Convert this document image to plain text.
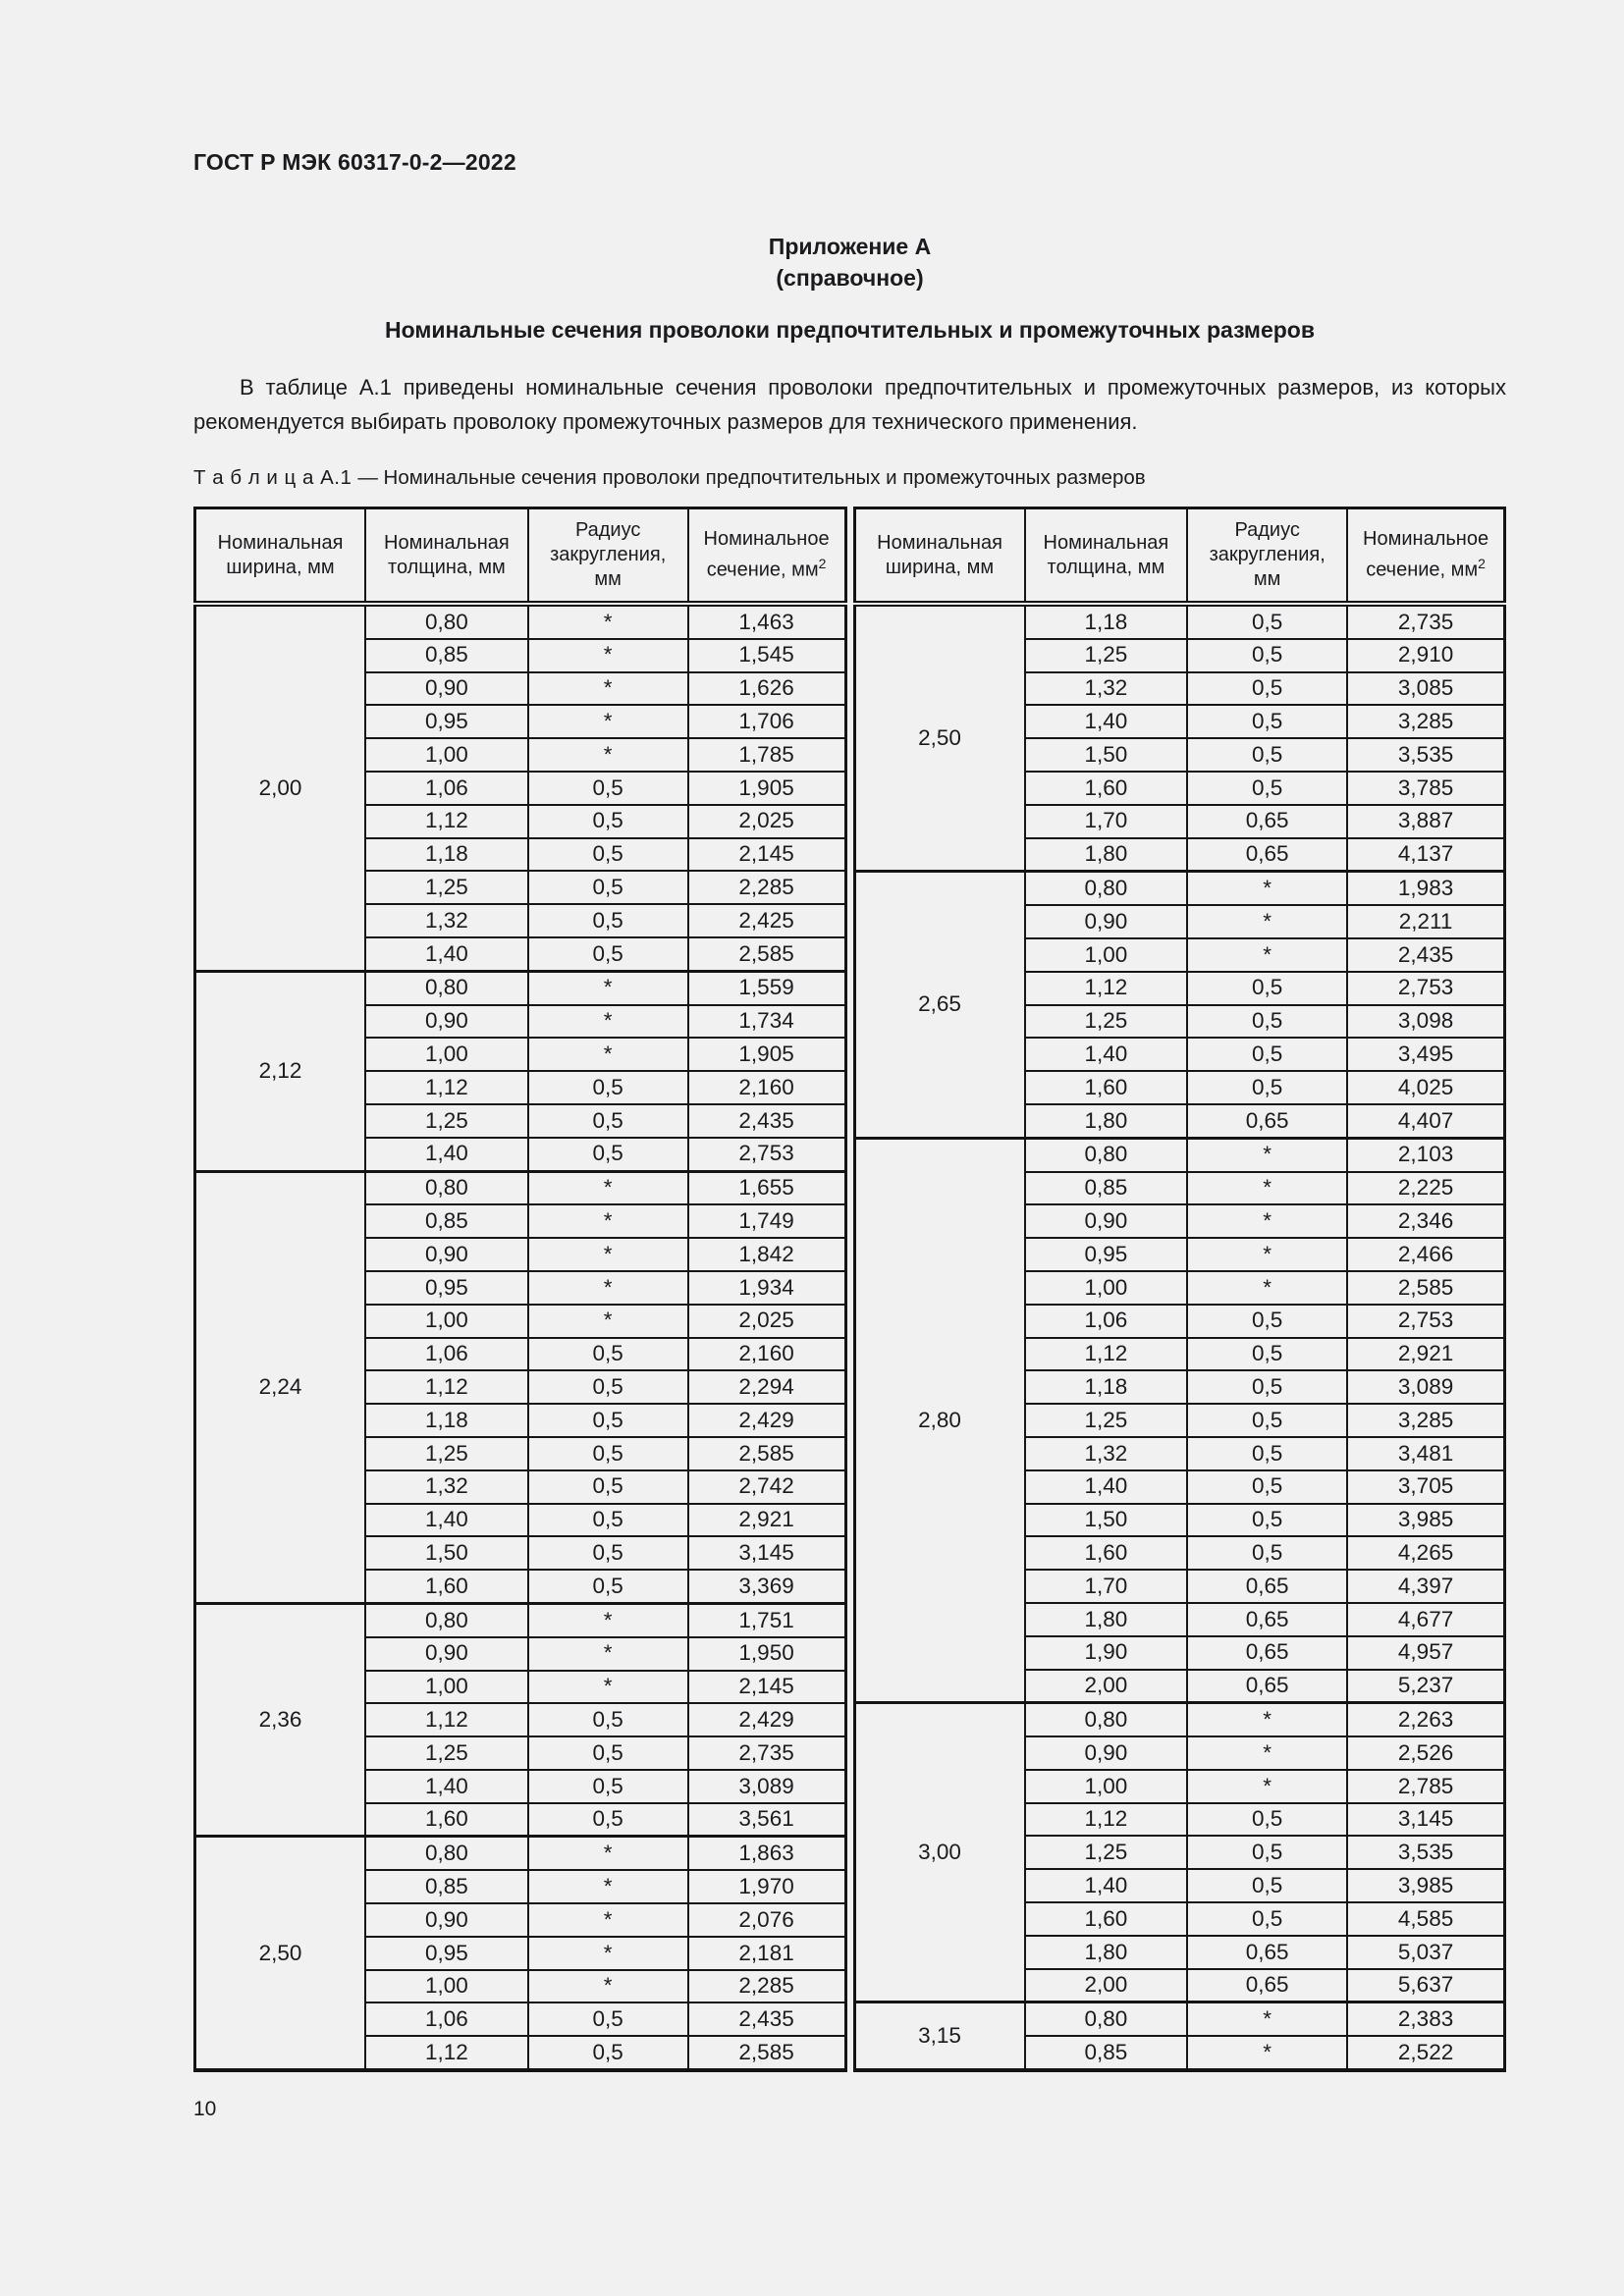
ГОСТ Р МЭК 60317-0-2—2022
Приложение А
(справочное)
Номинальные сечения проволоки предпочтительных и промежуточных размеров

В таблице А.1 приведены номинальные сечения проволоки предпочтительных и промежуточных размеров, из которых рекомендуется выбирать проволоку промежуточных размеров для технического применения.

Т а б л и ц а А.1 — Номинальные сечения проволоки предпочтительных и промежуточных размеров

Номинальная ширина, мм	Номинальная толщина, мм	Радиус закругления, мм	Номинальное сечение, $мм^2$
2,00	0,80	*	1,463
	0,85	*	1,545
	0,90	*	1,626
	0,95	*	1,706
	1,00	*	1,785
	1,06	0,5	1,905
	1,12	0,5	2,025
	1,18	0,5	2,145
	1,25	0,5	2,285
	1,32	0,5	2,425
	1,40	0,5	2,585
2,12	0,80	*	1,559
	0,90	*	1,734
	1,00	*	1,905
	1,12	0,5	2,160
	1,25	0,5	2,435
	1,40	0,5	2,753
2,24	0,80	*	1,655
	0,85	*	1,749
	0,90	*	1,842
	0,95	*	1,934
	1,00	*	2,025
	1,06	0,5	2,160
	1,12	0,5	2,294
	1,18	0,5	2,429
	1,25	0,5	2,585
	1,32	0,5	2,742
	1,40	0,5	2,921
	1,50	0,5	3,145
	1,60	0,5	3,369
2,36	0,80	*	1,751
	0,90	*	1,950
	1,00	*	2,145
	1,12	0,5	2,429
	1,25	0,5	2,735
	1,40	0,5	3,089
	1,60	0,5	3,561
2,50	0,80	*	1,863
	0,85	*	1,970
	0,90	*	2,076
	0,95	*	2,181
	1,00	*	2,285
	1,06	0,5	2,435
	1,12	0,5	2,585
Номинальная ширина, мм	Номинальная толщина, мм	Радиус закругления, мм	Номинальное сечение, $мм^2$
2,50	1,18	0,5	2,735
	1,25	0,5	2,910
	1,32	0,5	3,085
	1,40	0,5	3,285
	1,50	0,5	3,535
	1,60	0,5	3,785
	1,70	0,65	3,887
	1,80	0,65	4,137
2,65	0,80	*	1,983
	0,90	*	2,211
	1,00	*	2,435
	1,12	0,5	2,753
	1,25	0,5	3,098
	1,40	0,5	3,495
	1,60	0,5	4,025
	1,80	0,65	4,407
2,80	0,80	*	2,103
	0,85	*	2,225
	0,90	*	2,346
	0,95	*	2,466
	1,00	*	2,585
	1,06	0,5	2,753
	1,12	0,5	2,921
	1,18	0,5	3,089
	1,25	0,5	3,285
	1,32	0,5	3,481
	1,40	0,5	3,705
	1,50	0,5	3,985
	1,60	0,5	4,265
	1,70	0,65	4,397
	1,80	0,65	4,677
	1,90	0,65	4,957
	2,00	0,65	5,237
3,00	0,80	*	2,263
	0,90	*	2,526
	1,00	*	2,785
	1,12	0,5	3,145
	1,25	0,5	3,535
	1,40	0,5	3,985
	1,60	0,5	4,585
	1,80	0,65	5,037
	2,00	0,65	5,637
3,15	0,80	*	2,383
	0,85	*	2,522
10
